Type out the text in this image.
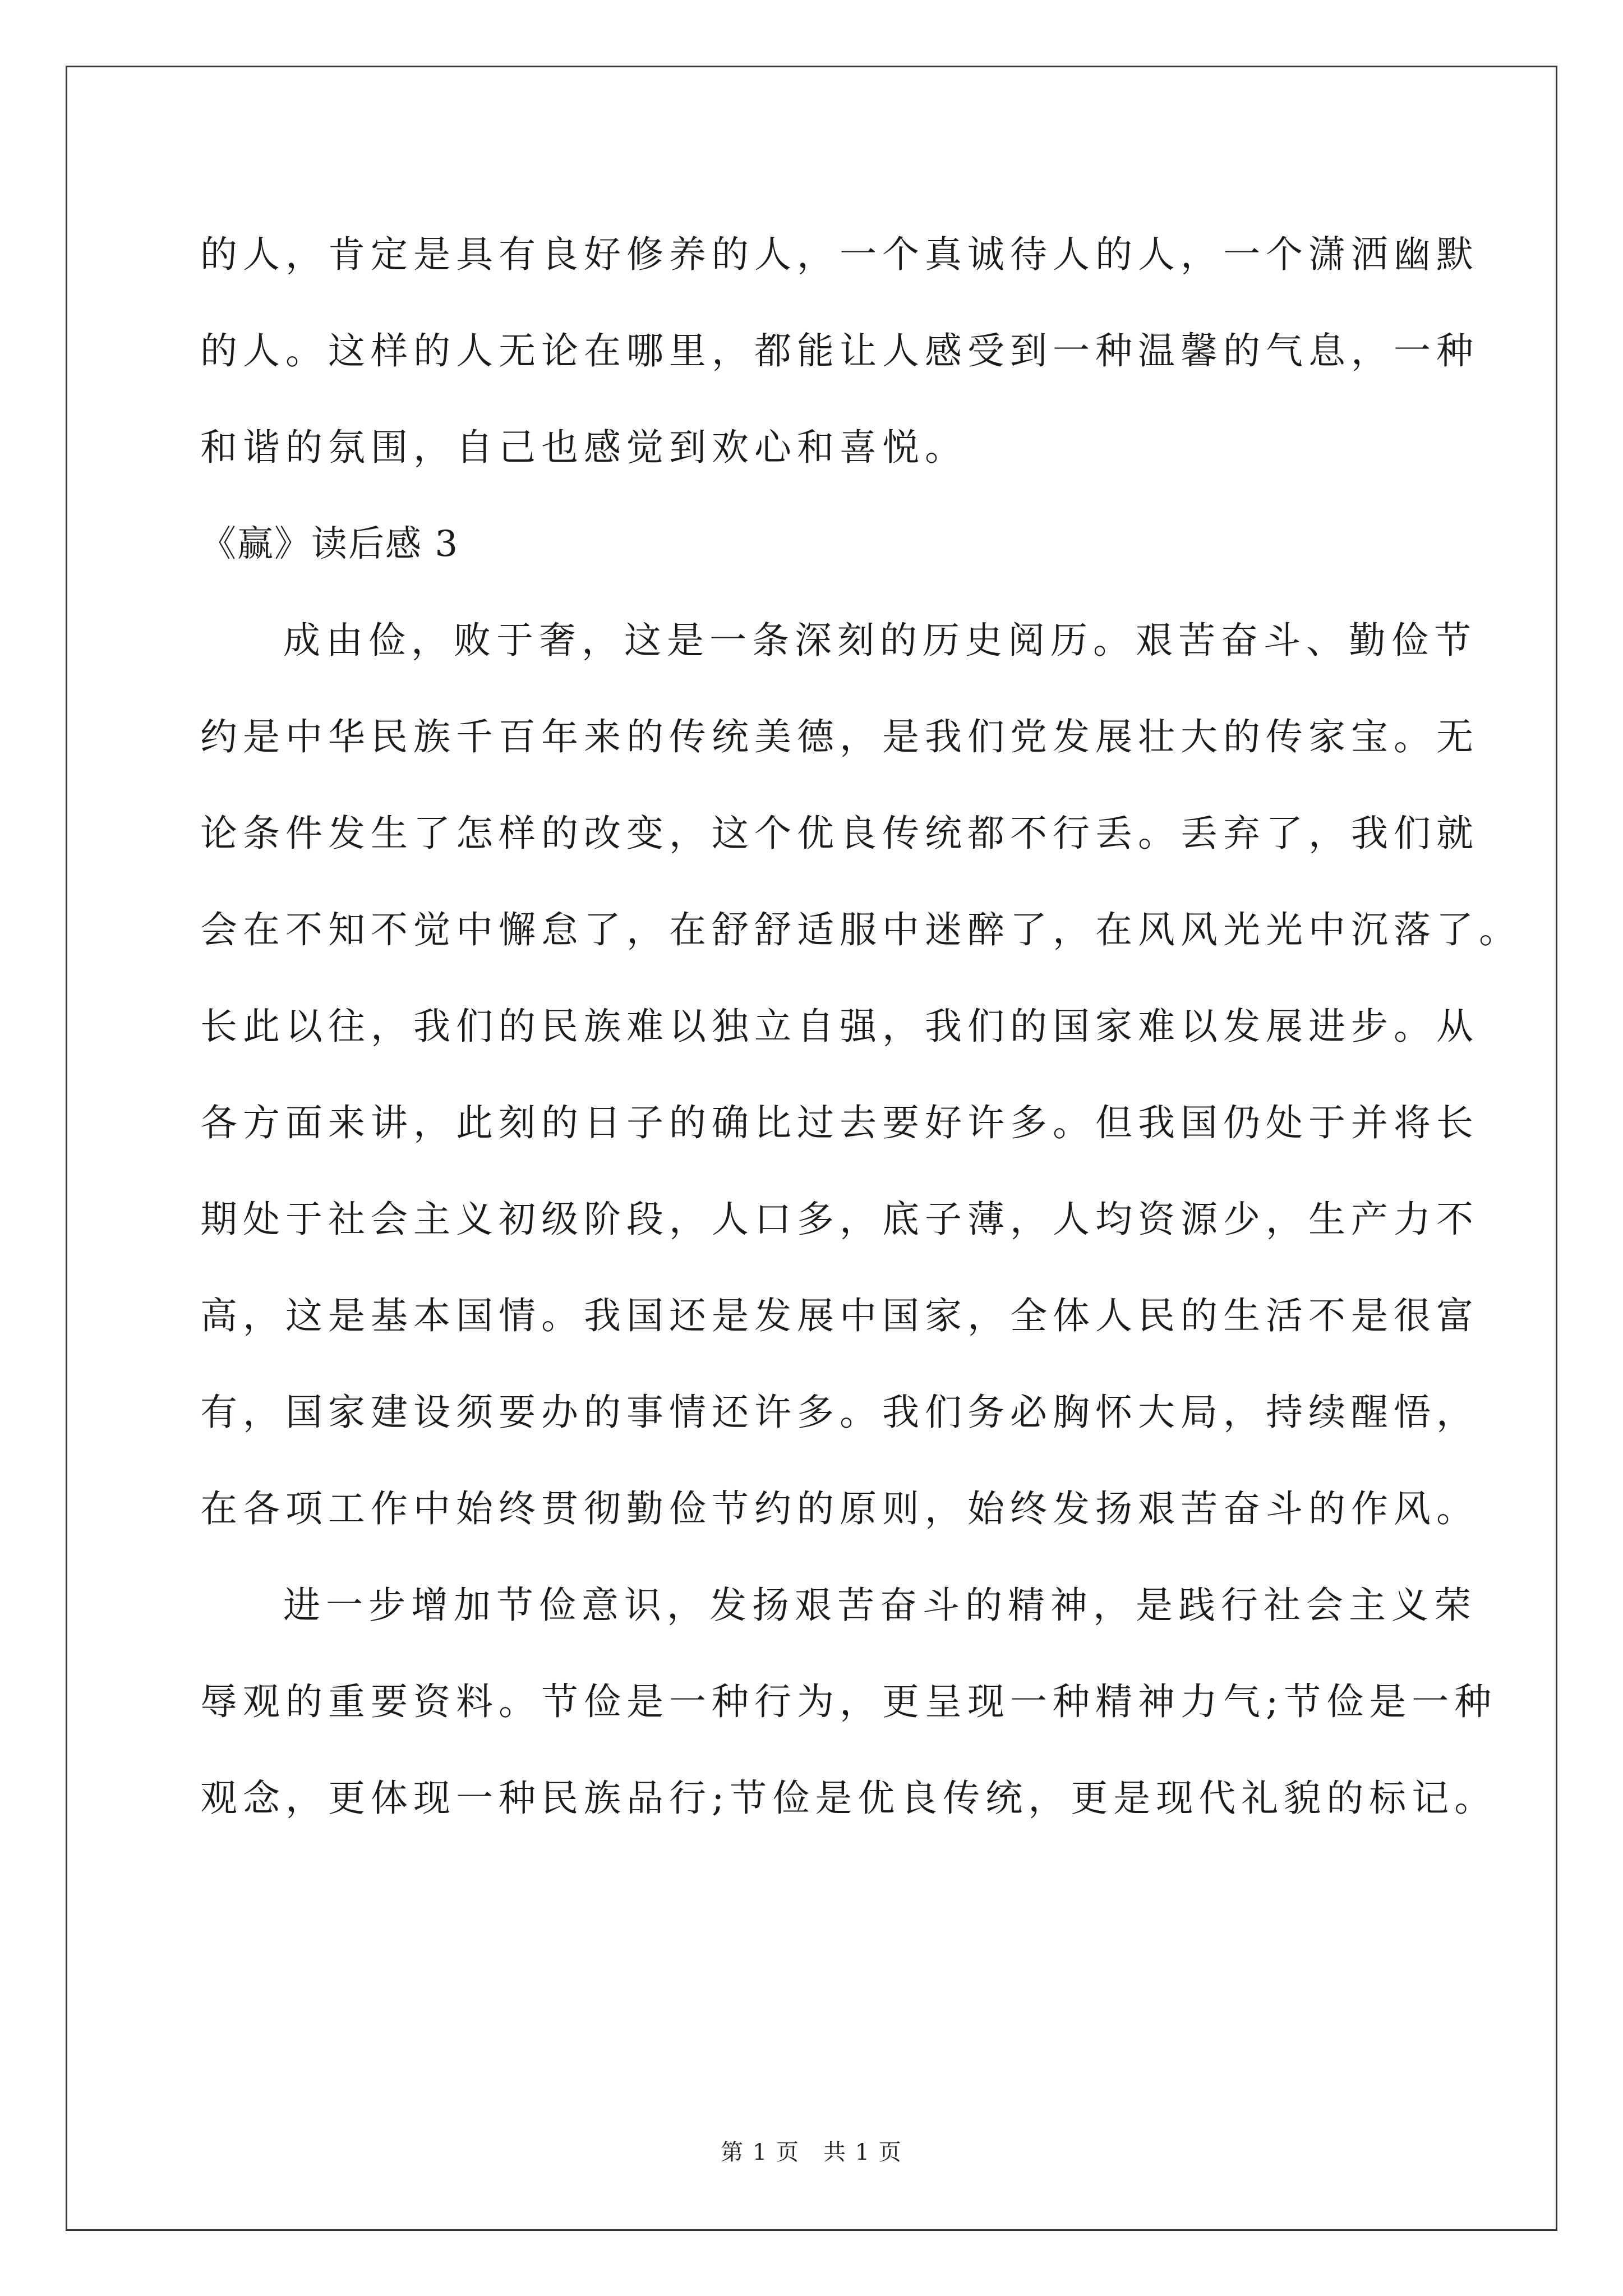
的人，肯定是具有良好修养的人，一个真诚待人的人，一个潇洒幽默

的人。这样的人无论在哪里，都能让人感受到一种温馨的气息，一种

和谐的氛围，自己也感觉到欢心和喜悦。

《赢》读后感 3

成由俭，败于奢，这是一条深刻的历史阅历。艰苦奋斗、勤俭节

约是中华民族千百年来的传统美德，是我们党发展壮大的传家宝。无

论条件发生了怎样的改变，这个优良传统都不行丢。丢弃了，我们就

会在不知不觉中懈怠了，在舒舒适服中迷醉了，在风风光光中沉落了。

长此以往，我们的民族难以独立自强，我们的国家难以发展进步。从

各方面来讲，此刻的日子的确比过去要好许多。但我国仍处于并将长

期处于社会主义初级阶段，人口多，底子薄，人均资源少，生产力不

高，这是基本国情。我国还是发展中国家，全体人民的生活不是很富

有，国家建设须要办的事情还许多。我们务必胸怀大局，持续醒悟，

在各项工作中始终贯彻勤俭节约的原则，始终发扬艰苦奋斗的作风。

进一步增加节俭意识，发扬艰苦奋斗的精神，是践行社会主义荣

辱观的重要资料。节俭是一种行为，更呈现一种精神力气;节俭是一种

观念，更体现一种民族品行;节俭是优良传统，更是现代礼貌的标记。

第 1 页　共 1 页
